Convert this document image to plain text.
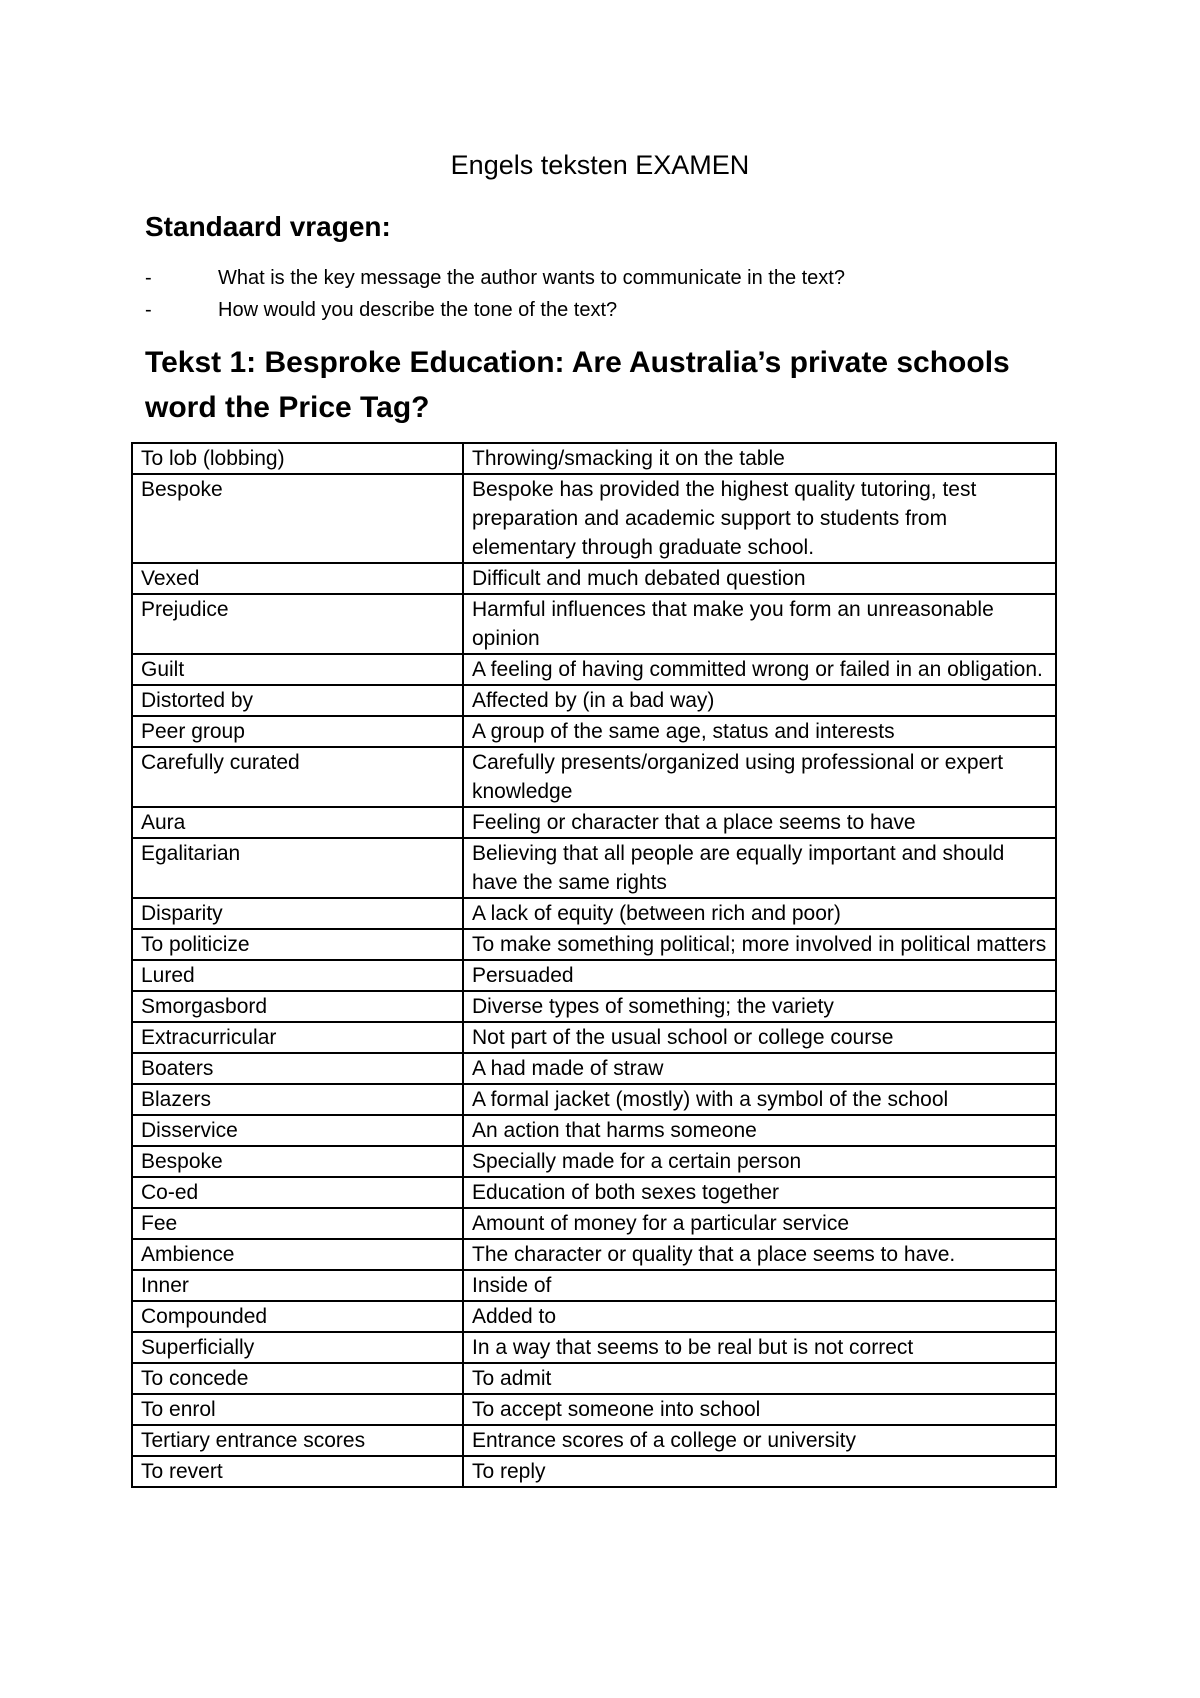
Engels teksten EXAMEN
Standaard vragen:
-	What is the key message the author wants to communicate in the text?
-	How would you describe the tone of the text?
Tekst 1: Besproke Education: Are Australia’s private schools word the Price Tag?
To lob (lobbing)	Throwing/smacking it on the table
Bespoke	Bespoke has provided the highest quality tutoring, test preparation and academic support to students from elementary through graduate school.
Vexed	Difficult and much debated question
Prejudice	Harmful influences that make you form an unreasonable opinion
Guilt	A feeling of having committed wrong or failed in an obligation.
Distorted by	Affected by (in a bad way)
Peer group	A group of the same age, status and interests
Carefully curated	Carefully presents/organized using professional or expert knowledge
Aura	Feeling or character that a place seems to have
Egalitarian	Believing that all people are equally important and should have the same rights
Disparity	A lack of equity (between rich and poor)
To politicize	To make something political; more involved in political matters
Lured	Persuaded
Smorgasbord	Diverse types of something; the variety
Extracurricular	Not part of the usual school or college course
Boaters	A had made of straw
Blazers	A formal jacket (mostly) with a symbol of the school
Disservice	An action that harms someone
Bespoke	Specially made for a certain person
Co-ed	Education of both sexes together
Fee	Amount of money for a particular service
Ambience	The character or quality that a place seems to have.
Inner	Inside of
Compounded	Added to
Superficially	In a way that seems to be real but is not correct
To concede	To admit
To enrol	To accept someone into school
Tertiary entrance scores	Entrance scores of a college or university
To revert	To reply
